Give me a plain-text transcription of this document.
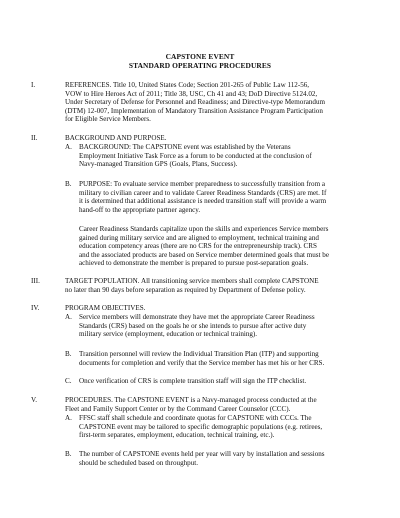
CAPSTONE EVENT
STANDARD OPERATING PROCEDURES
I.	REFERENCES. Title 10, United States Code; Section 201-265 of Public Law 112-56,
VOW to Hire Heroes Act of 2011; Title 38, USC, Ch 41 and 43; DoD Directive 5124.02,
Under Secretary of Defense for Personnel and Readiness; and Directive-type Memorandum
(DTM) 12-007, Implementation of Mandatory Transition Assistance Program Participation
for Eligible Service Members.
II.	BACKGROUND AND PURPOSE.
A. BACKGROUND: The CAPSTONE event was established by the Veterans
Employment Initiative Task Force as a forum to be conducted at the conclusion of
Navy-managed Transition GPS (Goals, Plans, Success).
B. PURPOSE: To evaluate service member preparedness to successfully transition from a
military to civilian career and to validate Career Readiness Standards (CRS) are met. If
it is determined that additional assistance is needed transition staff will provide a warm
hand-off to the appropriate partner agency.
Career Readiness Standards capitalize upon the skills and experiences Service members
gained during military service and are aligned to employment, technical training and
education competency areas (there are no CRS for the entrepreneurship track). CRS
and the associated products are based on Service member determined goals that must be
achieved to demonstrate the member is prepared to pursue post-separation goals.
III.	TARGET POPULATION. All transitioning service members shall complete CAPSTONE
no later than 90 days before separation as required by Department of Defense policy.
IV.	PROGRAM OBJECTIVES.
A. Service members will demonstrate they have met the appropriate Career Readiness
Standards (CRS) based on the goals he or she intends to pursue after active duty
military service (employment, education or technical training).
B. Transition personnel will review the Individual Transition Plan (ITP) and supporting
documents for completion and verify that the Service member has met his or her CRS.
C. Once verification of CRS is complete transition staff will sign the ITP checklist.
V.	PROCEDURES. The CAPSTONE EVENT is a Navy-managed process conducted at the
Fleet and Family Support Center or by the Command Career Counselor (CCC).
A. FFSC staff shall schedule and coordinate quotas for CAPSTONE with CCCs. The
CAPSTONE event may be tailored to specific demographic populations (e.g. retirees,
first-term separates, employment, education, technical training, etc.).
B. The number of CAPSTONE events held per year will vary by installation and sessions
should be scheduled based on throughput.
